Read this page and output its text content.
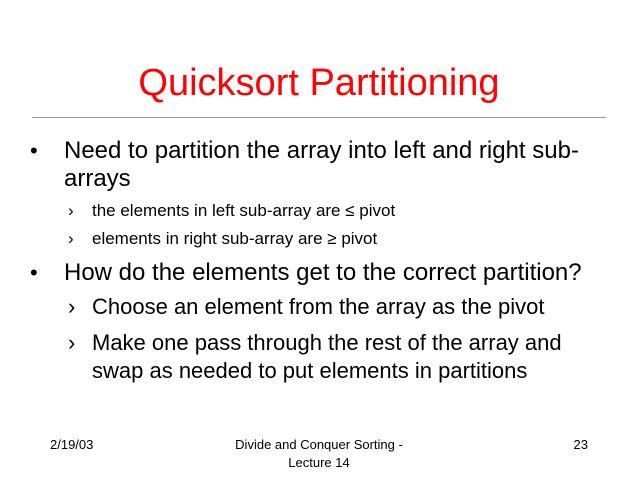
Quicksort Partitioning
• Need to partition the array into left and right sub-
arrays
› the elements in left sub-array are ≤ pivot
› elements in right sub-array are ≥ pivot
• How do the elements get to the correct partition?
› Choose an element from the array as the pivot
› Make one pass through the rest of the array and
swap as needed to put elements in partitions
2/19/03	Divide and Conquer Sorting -
Lecture 14
23
